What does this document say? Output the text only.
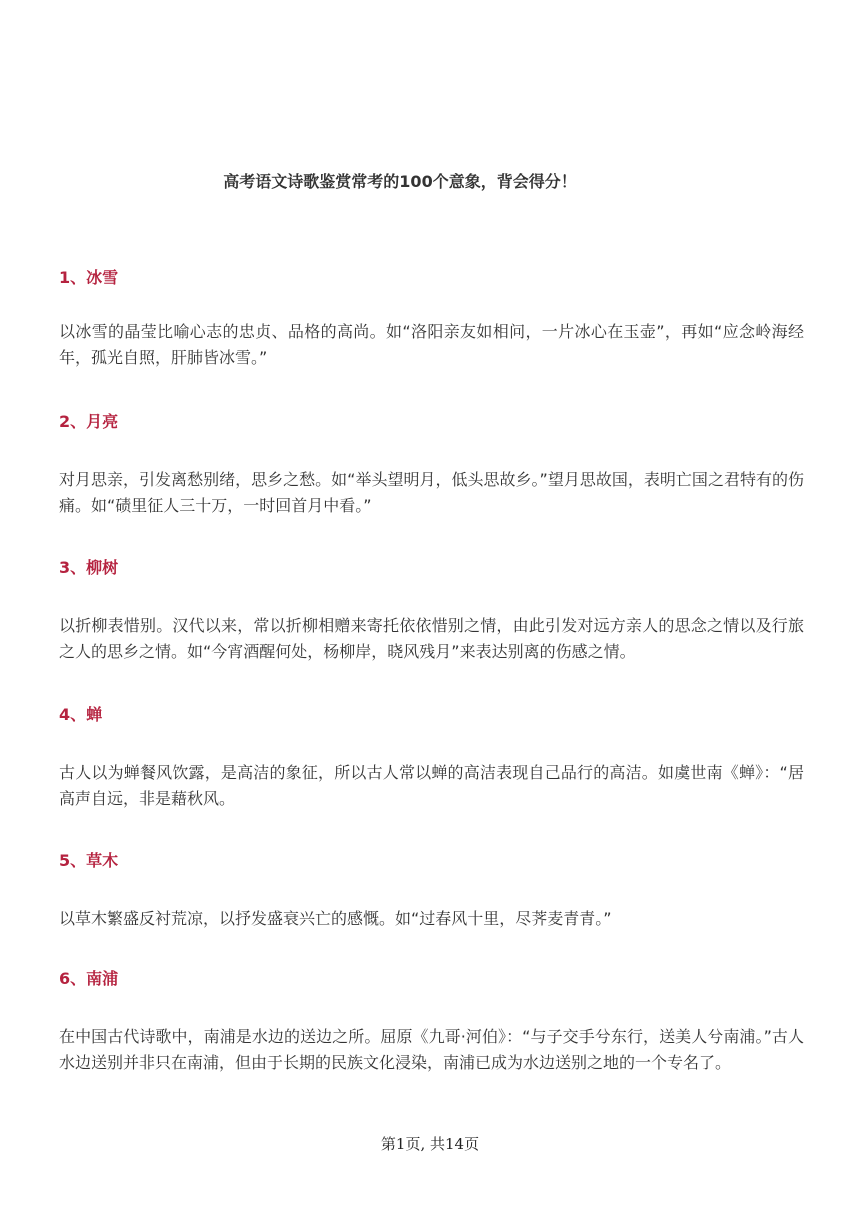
高考语文诗歌鉴赏常考的100个意象，背会得分！

1、冰雪

以冰雪的晶莹比喻心志的忠贞、品格的高尚。如“洛阳亲友如相问，一片冰心在玉壶”，再如“应念岭海经年，孤光自照，肝肺皆冰雪。”

2、月亮

对月思亲，引发离愁别绪，思乡之愁。如“举头望明月，低头思故乡。”望月思故国，表明亡国之君特有的伤痛。如“碛里征人三十万，一时回首月中看。”

3、柳树

以折柳表惜别。汉代以来，常以折柳相赠来寄托依依惜别之情，由此引发对远方亲人的思念之情以及行旅之人的思乡之情。如“今宵酒醒何处，杨柳岸，晓风残月”来表达别离的伤感之情。

4、蝉

古人以为蝉餐风饮露，是高洁的象征，所以古人常以蝉的高洁表现自己品行的高洁。如虞世南《蝉》：“居高声自远，非是藉秋风。

5、草木

以草木繁盛反衬荒凉，以抒发盛衰兴亡的感慨。如“过春风十里，尽荠麦青青。”

6、南浦

在中国古代诗歌中，南浦是水边的送边之所。屈原《九哥·河伯》：“与子交手兮东行，送美人兮南浦。”古人水边送别并非只在南浦，但由于长期的民族文化浸染，南浦已成为水边送别之地的一个专名了。

第1页, 共14页
